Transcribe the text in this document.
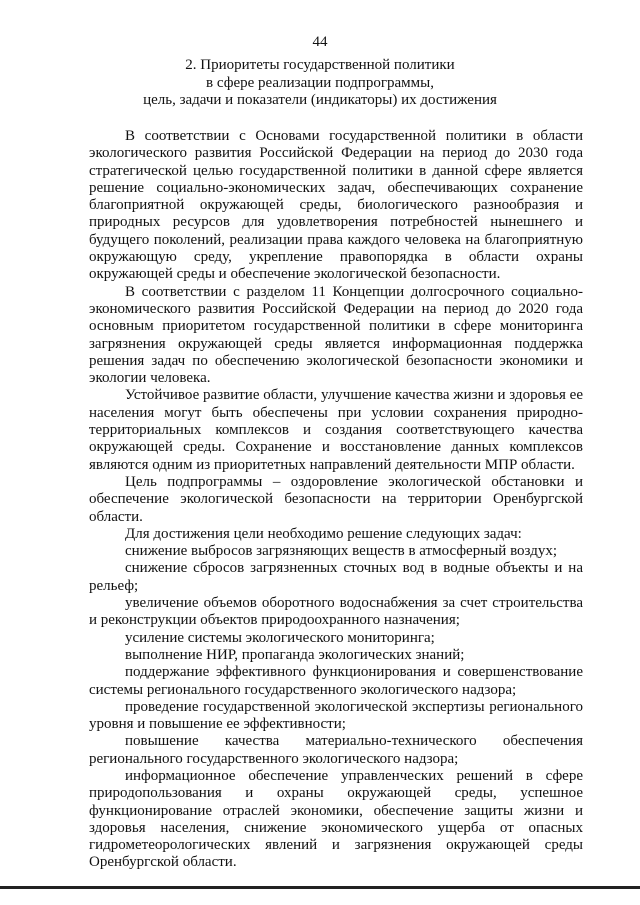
44
2. Приоритеты государственной политики
в сфере реализации подпрограммы,
цель, задачи и показатели (индикаторы) их достижения

В соответствии с Основами государственной политики в области экологического развития Российской Федерации на период до 2030 года стратегической целью государственной политики в данной сфере является решение социально-экономических задач, обеспечивающих сохранение благоприятной окружающей среды, биологического разнообразия и природных ресурсов для удовлетворения потребностей нынешнего и будущего поколений, реализации права каждого человека на благоприятную окружающую среду, укрепление правопорядка в области охраны окружающей среды и обеспечение экологической безопасности.

В соответствии с разделом 11 Концепции долгосрочного социально-экономического развития Российской Федерации на период до 2020 года основным приоритетом государственной политики в сфере мониторинга загрязнения окружающей среды является информационная поддержка решения задач по обеспечению экологической безопасности экономики и экологии человека.

Устойчивое развитие области, улучшение качества жизни и здоровья ее населения могут быть обеспечены при условии сохранения природно-территориальных комплексов и создания соответствующего качества окружающей среды. Сохранение и восстановление данных комплексов являются одним из приоритетных направлений деятельности МПР области.

Цель подпрограммы – оздоровление экологической обстановки и обеспечение экологической безопасности на территории Оренбургской области.

Для достижения цели необходимо решение следующих задач:

снижение выбросов загрязняющих веществ в атмосферный воздух;

снижение сбросов загрязненных сточных вод в водные объекты и на рельеф;

увеличение объемов оборотного водоснабжения за счет строительства и реконструкции объектов природоохранного назначения;

усиление системы экологического мониторинга;

выполнение НИР, пропаганда экологических знаний;

поддержание эффективного функционирования и совершенствование системы регионального государственного экологического надзора;

проведение государственной экологической экспертизы регионального уровня и повышение ее эффективности;

повышение качества материально-технического обеспечения регионального государственного экологического надзора;

информационное обеспечение управленческих решений в сфере природопользования и охраны окружающей среды, успешное функционирование отраслей экономики, обеспечение защиты жизни и здоровья населения, снижение экономического ущерба от опасных гидрометеорологических явлений и загрязнения окружающей среды Оренбургской области.
